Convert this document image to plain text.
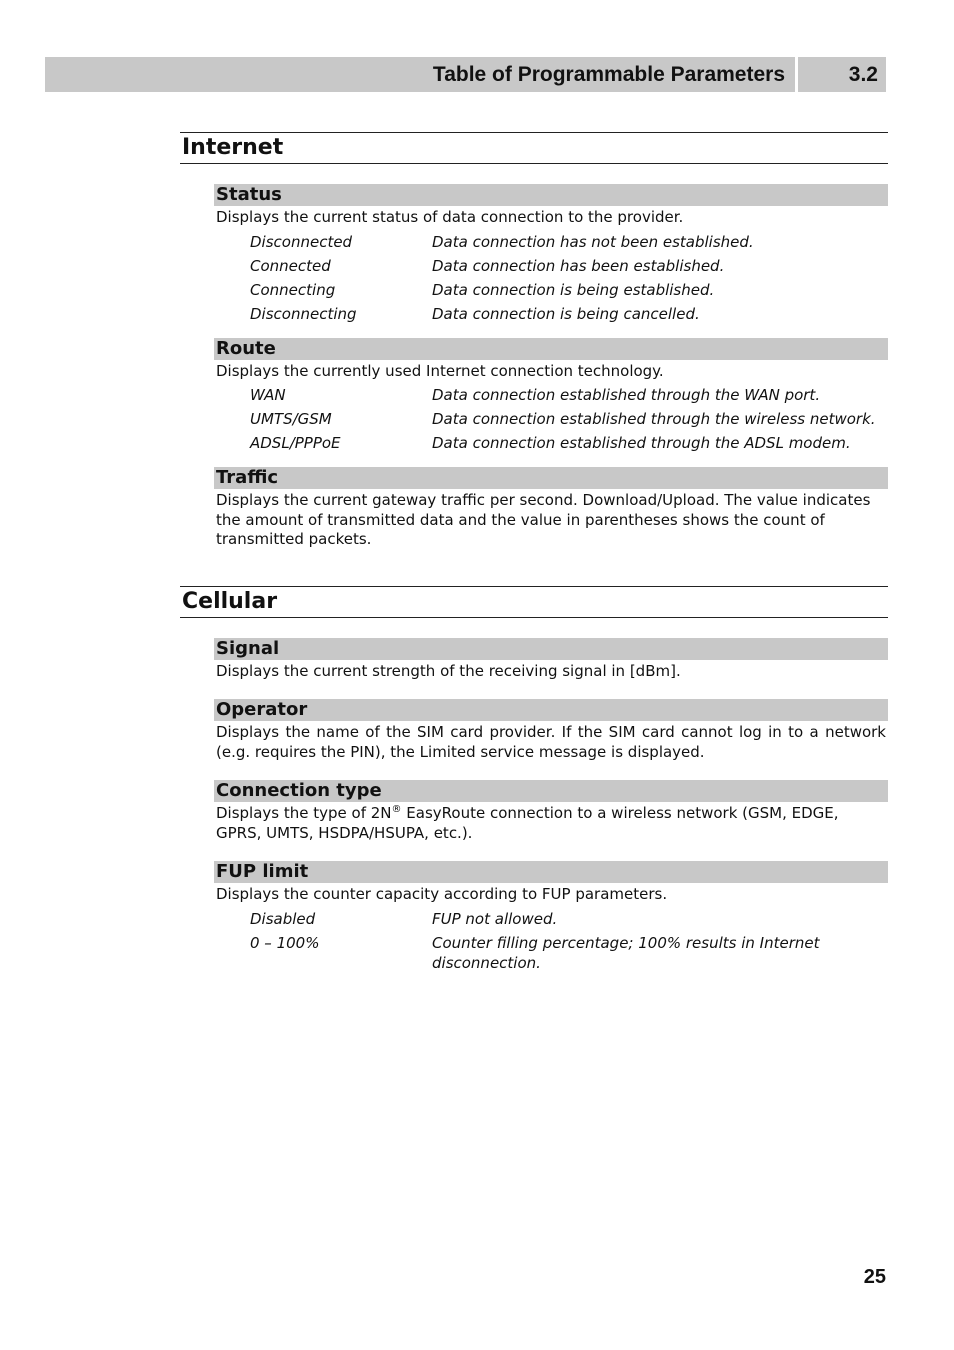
Table of Programmable Parameters	3.2
Internet
Status
Displays the current status of data connection to the provider.
Disconnected	Data connection has not been established.
Connected	Data connection has been established.
Connecting	Data connection is being established.
Disconnecting	Data connection is being cancelled.
Route
Displays the currently used Internet connection technology.
WAN	Data connection established through the WAN port.
UMTS/GSM	Data connection established through the wireless network.
ADSL/PPPoE	Data connection established through the ADSL modem.
Traffic
Displays the current gateway traffic per second. Download/Upload. The value indicates the amount of transmitted data and the value in parentheses shows the count of transmitted packets.
Cellular
Signal
Displays the current strength of the receiving signal in [dBm].
Operator
Displays the name of the SIM card provider. If the SIM card cannot log in to a network (e.g. requires the PIN), the Limited service message is displayed.
Connection type
Displays the type of 2N® EasyRoute connection to a wireless network (GSM, EDGE, GPRS, UMTS, HSDPA/HSUPA, etc.).
FUP limit
Displays the counter capacity according to FUP parameters.
Disabled	FUP not allowed.
0 – 100%	Counter filling percentage; 100% results in Internet disconnection.
25
